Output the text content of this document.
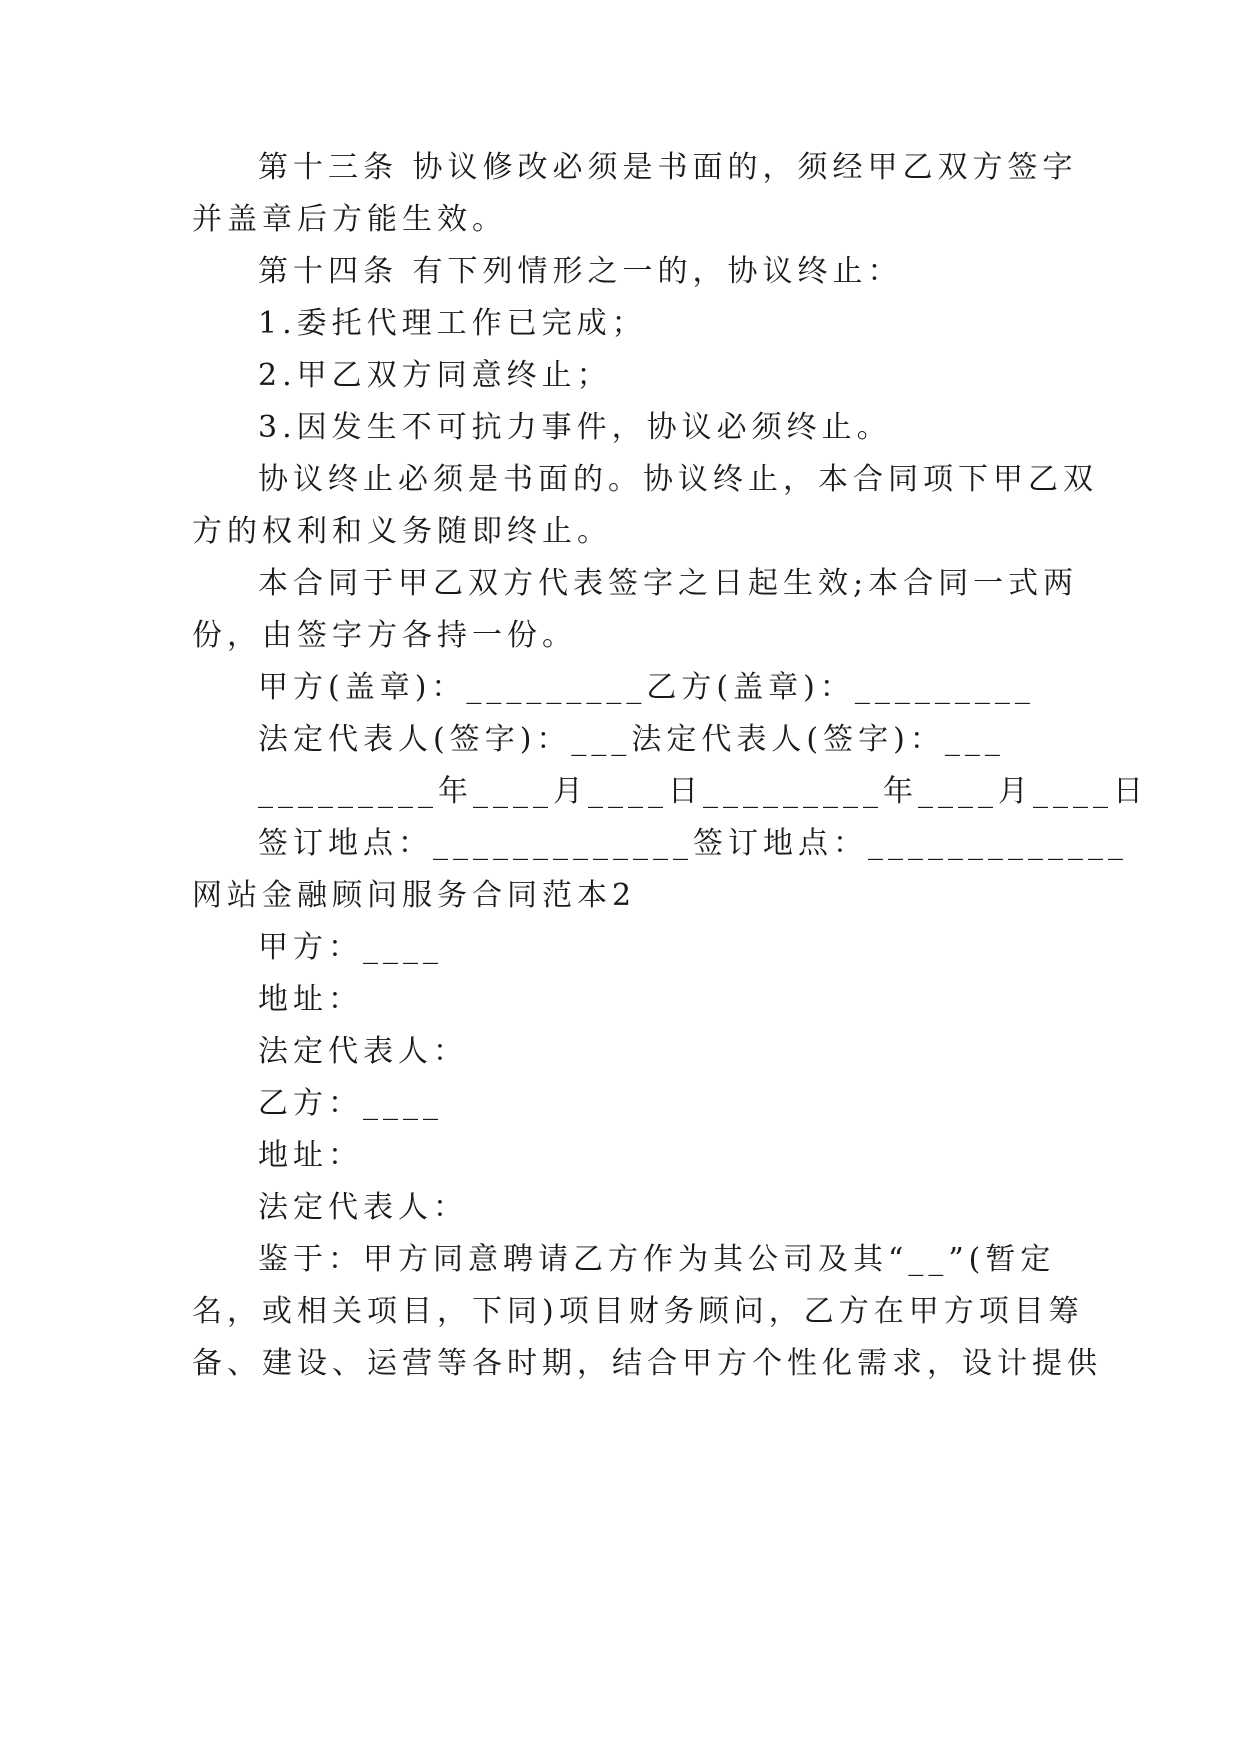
第十三条 协议修改必须是书面的，须经甲乙双方签字
并盖章后方能生效。
第十四条 有下列情形之一的，协议终止：
1.委托代理工作已完成；
2.甲乙双方同意终止；
3.因发生不可抗力事件，协议必须终止。
协议终止必须是书面的。协议终止，本合同项下甲乙双
方的权利和义务随即终止。
本合同于甲乙双方代表签字之日起生效;本合同一式两
份，由签字方各持一份。
甲方(盖章)：_________乙方(盖章)：_________
法定代表人(签字)：___法定代表人(签字)：___
_________年____月____日_________年____月____日
签订地点：_____________签订地点：_____________
网站金融顾问服务合同范本2
甲方：____
地址：
法定代表人：
乙方：____
地址：
法定代表人：
鉴于：甲方同意聘请乙方作为其公司及其“__”(暂定
名，或相关项目，下同)项目财务顾问，乙方在甲方项目筹
备、建设、运营等各时期，结合甲方个性化需求，设计提供
